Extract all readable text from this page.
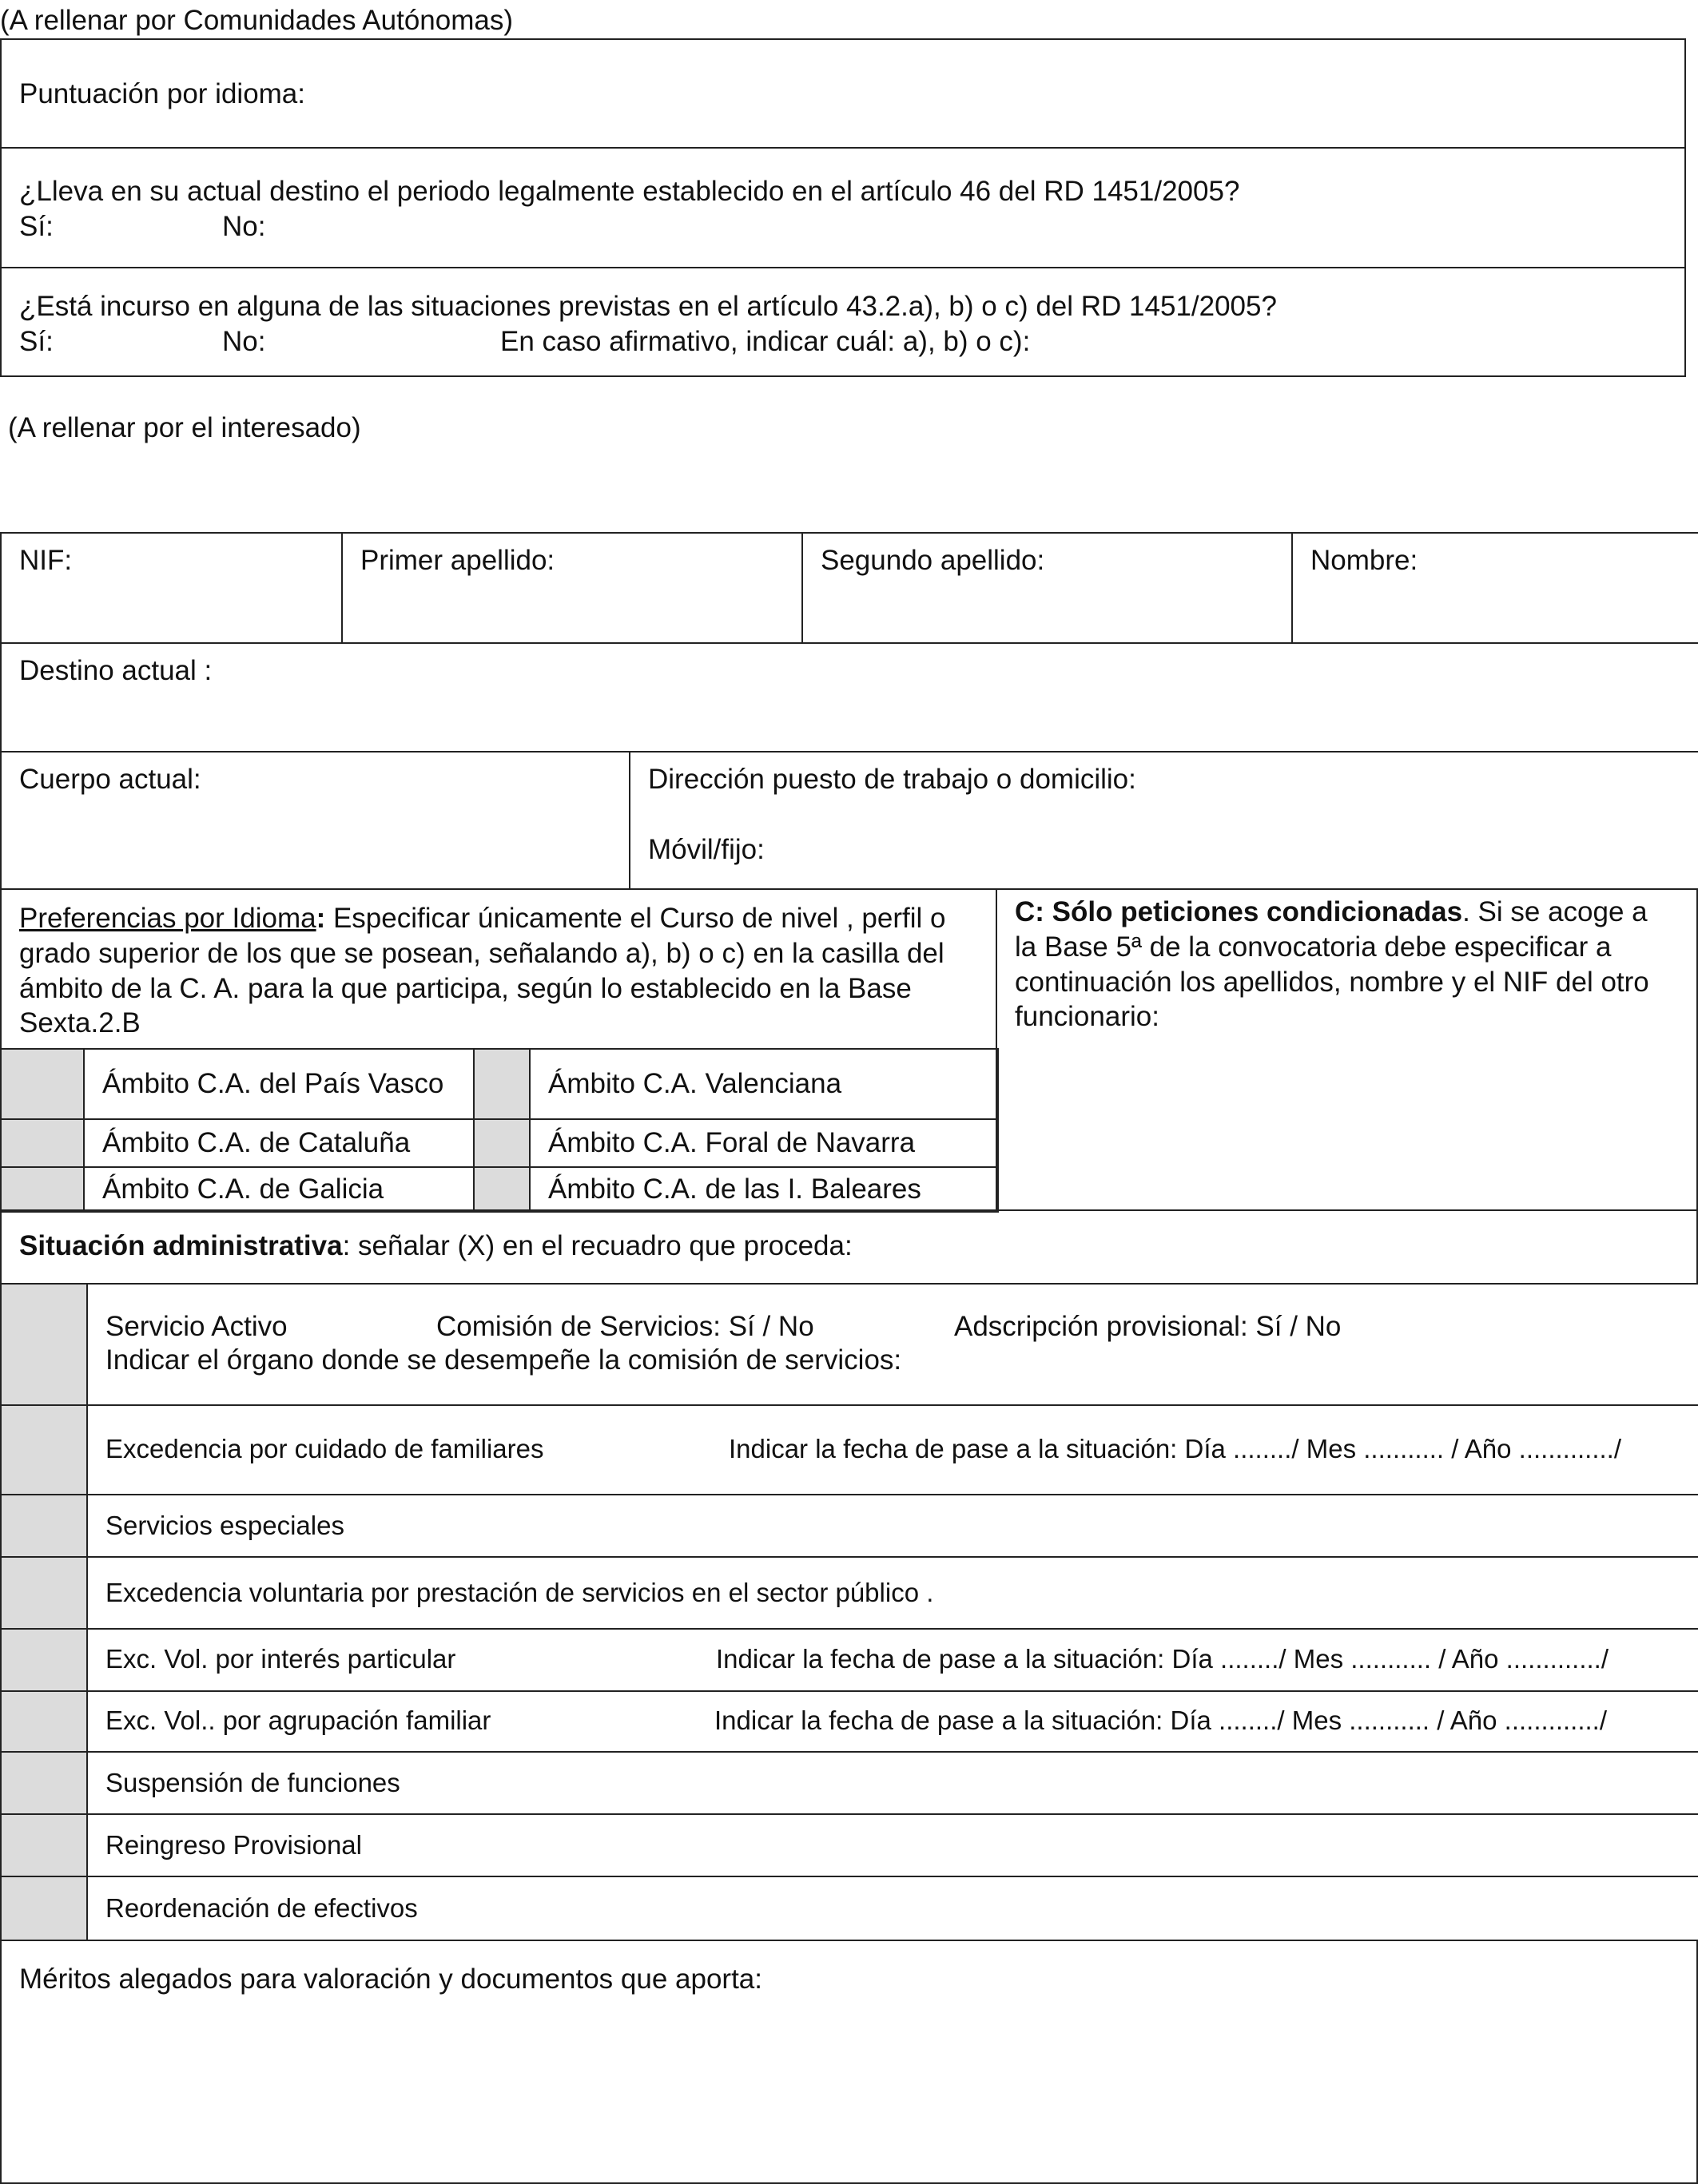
(A rellenar por Comunidades Autónomas)
Puntuación por idioma:
¿Lleva en su actual destino el periodo legalmente establecido en el artículo 46 del RD 1451/2005?
Sí:	No:
¿Está incurso en alguna de las situaciones previstas en el artículo 43.2.a), b) o c) del RD 1451/2005?
Sí:	No:	En caso afirmativo, indicar cuál: a), b) o c):
(A rellenar por el interesado)
NIF:	Primer apellido:		Segundo apellido:	Nombre:
Destino actual :				
Cuerpo actual:		Dirección puesto de trabajo o domicilio:
Móvil/fijo:		
Preferencias por Idioma: Especificar únicamente el Curso de nivel , perfil o grado superior de los que se posean, señalando a), b) o c) en la casilla del ámbito de la C. A. para la que participa, según lo establecido en la Base Sexta.2.B

	Ámbito C.A. del País Vasco		Ámbito C.A. Valenciana

	Ámbito C.A. de Cataluña		Ámbito C.A. Foral de Navarra

	Ámbito C.A. de Galicia		Ámbito C.A. de las I. Baleares
C: Sólo peticiones condicionadas. Si se acoge a la Base 5ª de la convocatoria debe especificar a continuación los apellidos, nombre y el NIF del otro funcionario:
Situación administrativa: señalar (X) en el recuadro que proceda:

	Servicio Activo Comisión de Servicios: Sí / No Adscripción provisional: Sí / No
Indicar el órgano donde se desempeñe la comisión de servicios:

	Excedencia por cuidado de familiares Indicar la fecha de pase a la situación: Día ......../ Mes ........... / Año ............./

	Servicios especiales

	Excedencia voluntaria por prestación de servicios en el sector público .

	Exc. Vol. por interés particular Indicar la fecha de pase a la situación: Día ......../ Mes ........... / Año ............./

	Exc. Vol.. por agrupación familiar Indicar la fecha de pase a la situación: Día ......../ Mes ........... / Año ............./

	Suspensión de funciones

	Reingreso Provisional

	Reordenación de efectivos
Méritos alegados para valoración y documentos que aporta:
